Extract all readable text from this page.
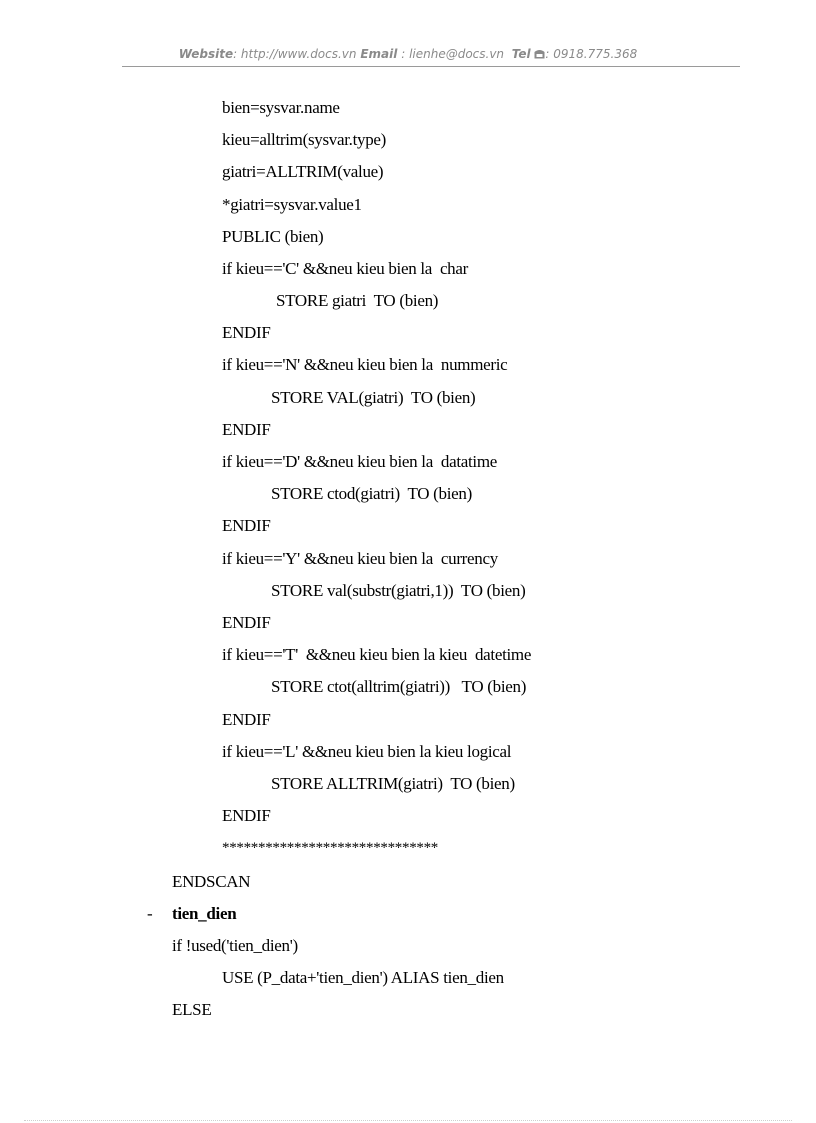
Website: http://www.docs.vn Email : lienhe@docs.vn Tel : 0918.775.368
bien=sysvar.name
kieu=alltrim(sysvar.type)
giatri=ALLTRIM(value)
*giatri=sysvar.value1
PUBLIC (bien)
if kieu=='C' &&neu kieu bien la  char
STORE giatri  TO (bien)
ENDIF
if kieu=='N' &&neu kieu bien la  nummeric
STORE VAL(giatri)  TO (bien)
ENDIF
if kieu=='D' &&neu kieu bien la  datatime
STORE ctod(giatri)  TO (bien)
ENDIF
if kieu=='Y' &&neu kieu bien la  currency
STORE val(substr(giatri,1))  TO (bien)
ENDIF
if kieu=='T'  &&neu kieu bien la kieu  datetime
STORE ctot(alltrim(giatri))   TO (bien)
ENDIF
if kieu=='L' &&neu kieu bien la kieu logical
STORE ALLTRIM(giatri)  TO (bien)
ENDIF
******************************
ENDSCAN
- tien_dien
if !used('tien_dien')
USE (P_data+'tien_dien') ALIAS tien_dien
ELSE
